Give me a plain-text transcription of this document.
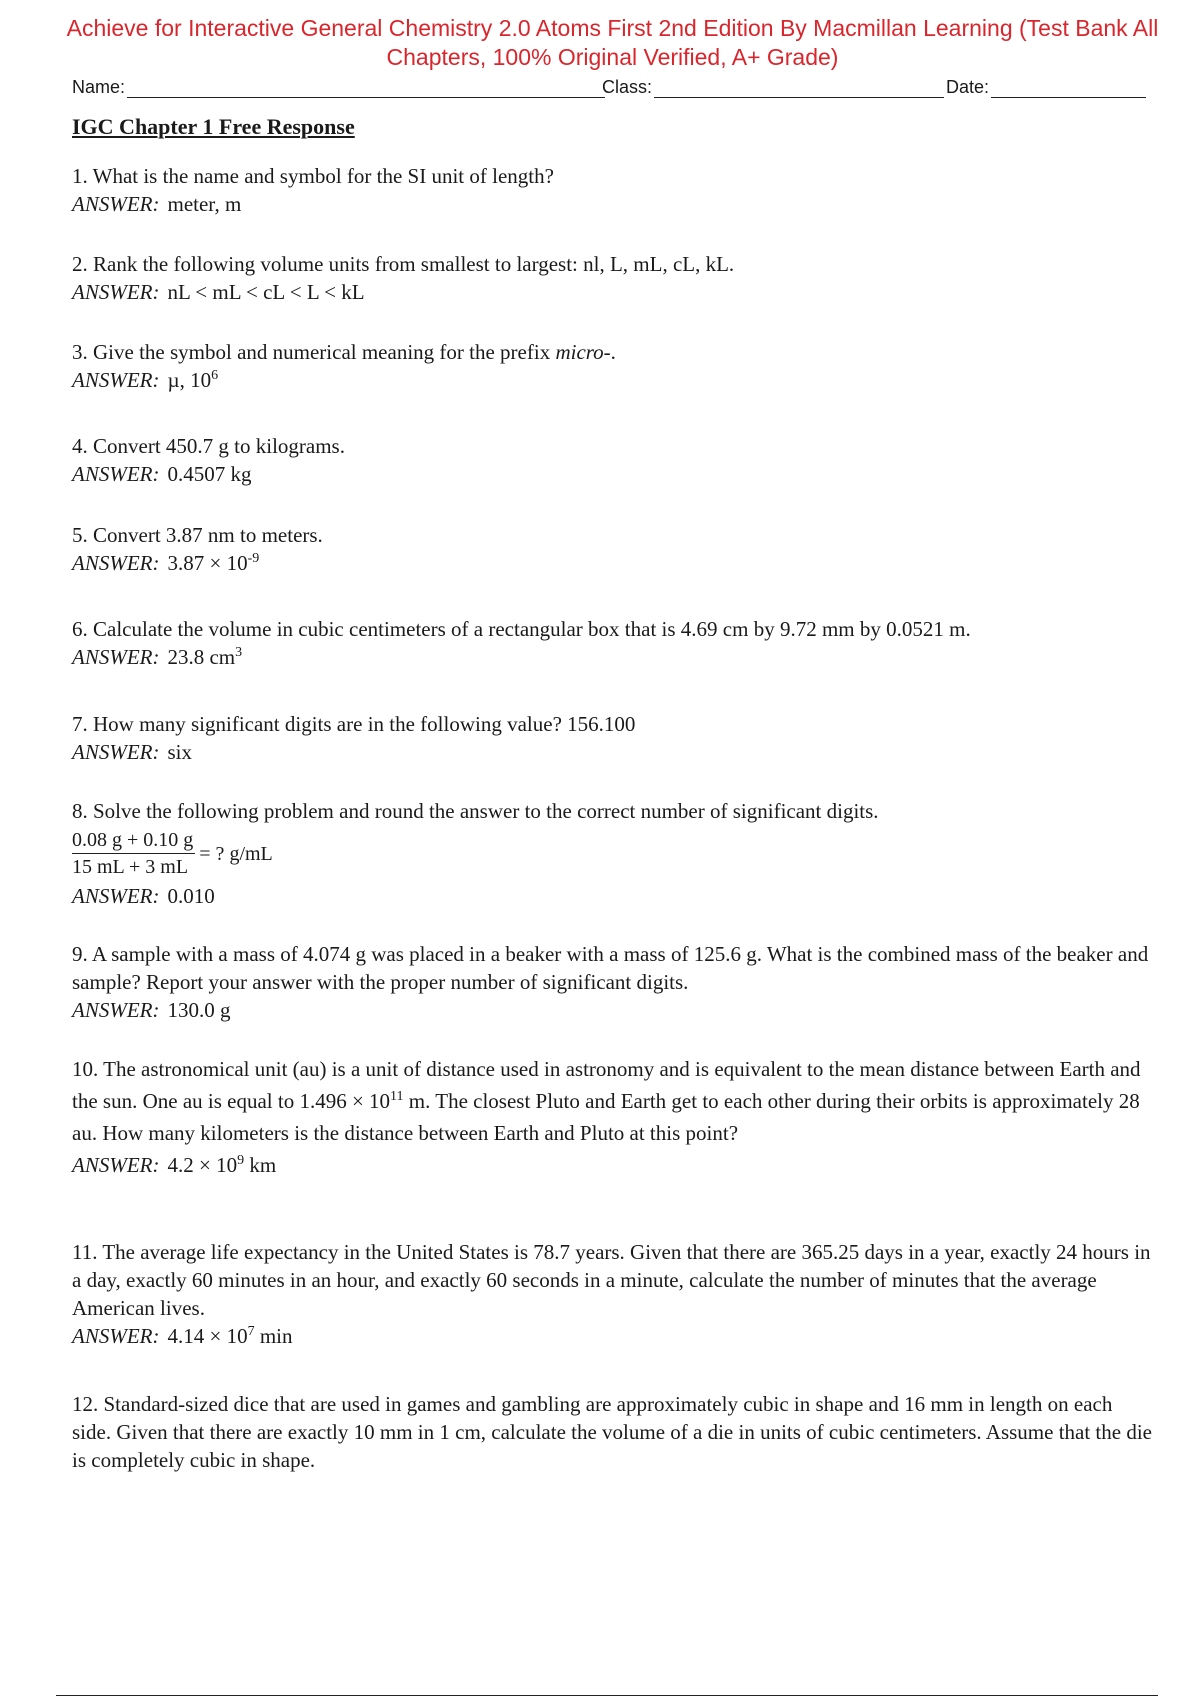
Achieve for Interactive General Chemistry 2.0 Atoms First 2nd Edition By Macmillan Learning (Test Bank All Chapters, 100% Original Verified, A+ Grade)
Name:	Class:	Date:
IGC Chapter 1 Free Response
1. What is the name and symbol for the SI unit of length?
ANSWER: meter, m
2. Rank the following volume units from smallest to largest: nl, L, mL, cL, kL.
ANSWER: nL < mL < cL < L < kL
3. Give the symbol and numerical meaning for the prefix micro-.
ANSWER: µ, $10^6$
4. Convert 450.7 g to kilograms.
ANSWER: 0.4507 kg
5. Convert 3.87 nm to meters.
ANSWER: $3.87 \times 10^{-9}$
6. Calculate the volume in cubic centimeters of a rectangular box that is 4.69 cm by 9.72 mm by 0.0521 m.
ANSWER: 23.8 $cm^3$
7. How many significant digits are in the following value? 156.100
ANSWER: six
8. Solve the following problem and round the answer to the correct number of significant digits.
$\frac{0.08 g + 0.10 g}{15 mL + 3 mL}$ = ? g/mL
ANSWER: 0.010
9. A sample with a mass of 4.074 g was placed in a beaker with a mass of 125.6 g. What is the combined mass of the beaker and sample? Report your answer with the proper number of significant digits.
ANSWER: 130.0 g
10. The astronomical unit (au) is a unit of distance used in astronomy and is equivalent to the mean distance between Earth and the sun. One au is equal to $1.496 \times 10^{11}$ m. The closest Pluto and Earth get to each other during their orbits is approximately 28 au. How many kilometers is the distance between Earth and Pluto at this point?
ANSWER: $4.2 \times 10^9$ km
11. The average life expectancy in the United States is 78.7 years. Given that there are 365.25 days in a year, exactly 24 hours in a day, exactly 60 minutes in an hour, and exactly 60 seconds in a minute, calculate the number of minutes that the average American lives.
ANSWER: $4.14 \times 10^7$ min
12. Standard-sized dice that are used in games and gambling are approximately cubic in shape and 16 mm in length on each side. Given that there are exactly 10 mm in 1 cm, calculate the volume of a die in units of cubic centimeters. Assume that the die is completely cubic in shape.
